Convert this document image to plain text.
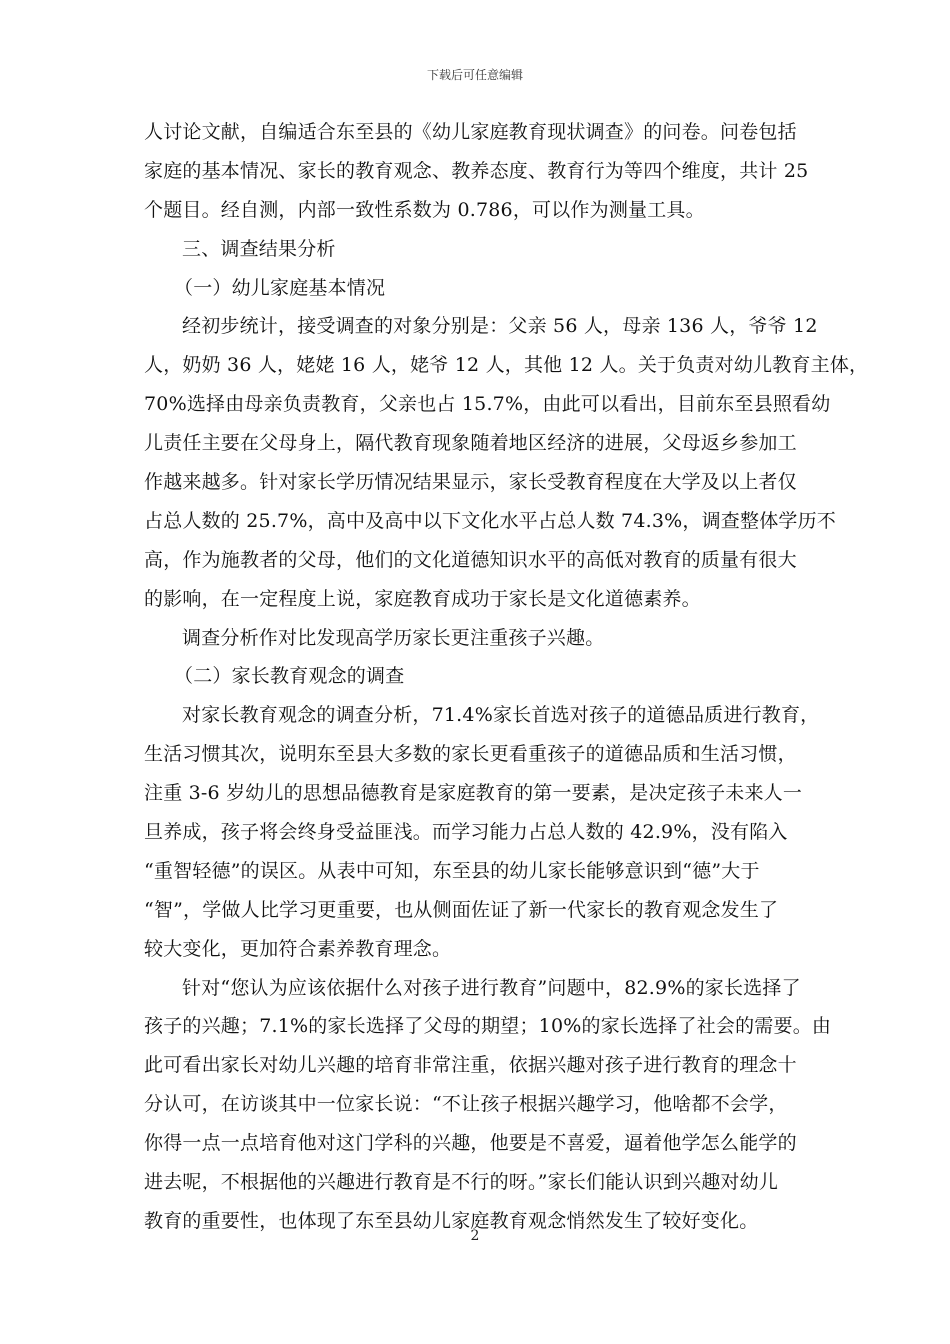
下载后可任意编辑
人讨论文献，自编适合东至县的《幼儿家庭教育现状调查》的问卷。问卷包括
家庭的基本情况、家长的教育观念、教养态度、教育行为等四个维度，共计 25
个题目。经自测，内部一致性系数为 0.786，可以作为测量工具。
三、调查结果分析
（一）幼儿家庭基本情况
经初步统计，接受调查的对象分别是：父亲 56 人，母亲 136 人，爷爷 12
人，奶奶 36 人，姥姥 16 人，姥爷 12 人，其他 12 人。关于负责对幼儿教育主体，
70%选择由母亲负责教育，父亲也占 15.7%，由此可以看出，目前东至县照看幼
儿责任主要在父母身上，隔代教育现象随着地区经济的进展，父母返乡参加工
作越来越多。针对家长学历情况结果显示，家长受教育程度在大学及以上者仅
占总人数的 25.7%，高中及高中以下文化水平占总人数 74.3%，调查整体学历不
高，作为施教者的父母，他们的文化道德知识水平的高低对教育的质量有很大
的影响，在一定程度上说，家庭教育成功于家长是文化道德素养。
调查分析作对比发现高学历家长更注重孩子兴趣。
（二）家长教育观念的调查
对家长教育观念的调查分析，71.4%家长首选对孩子的道德品质进行教育，
生活习惯其次，说明东至县大多数的家长更看重孩子的道德品质和生活习惯，
注重 3-6 岁幼儿的思想品德教育是家庭教育的第一要素，是决定孩子未来人一
旦养成，孩子将会终身受益匪浅。而学习能力占总人数的 42.9%，没有陷入
“重智轻德”的误区。从表中可知，东至县的幼儿家长能够意识到“德”大于
“智”，学做人比学习更重要，也从侧面佐证了新一代家长的教育观念发生了
较大变化，更加符合素养教育理念。
针对“您认为应该依据什么对孩子进行教育”问题中，82.9%的家长选择了
孩子的兴趣；7.1%的家长选择了父母的期望；10%的家长选择了社会的需要。由
此可看出家长对幼儿兴趣的培育非常注重，依据兴趣对孩子进行教育的理念十
分认可，在访谈其中一位家长说：“不让孩子根据兴趣学习，他啥都不会学，
你得一点一点培育他对这门学科的兴趣，他要是不喜爱，逼着他学怎么能学的
进去呢，不根据他的兴趣进行教育是不行的呀。”家长们能认识到兴趣对幼儿
教育的重要性，也体现了东至县幼儿家庭教育观念悄然发生了较好变化。
2
